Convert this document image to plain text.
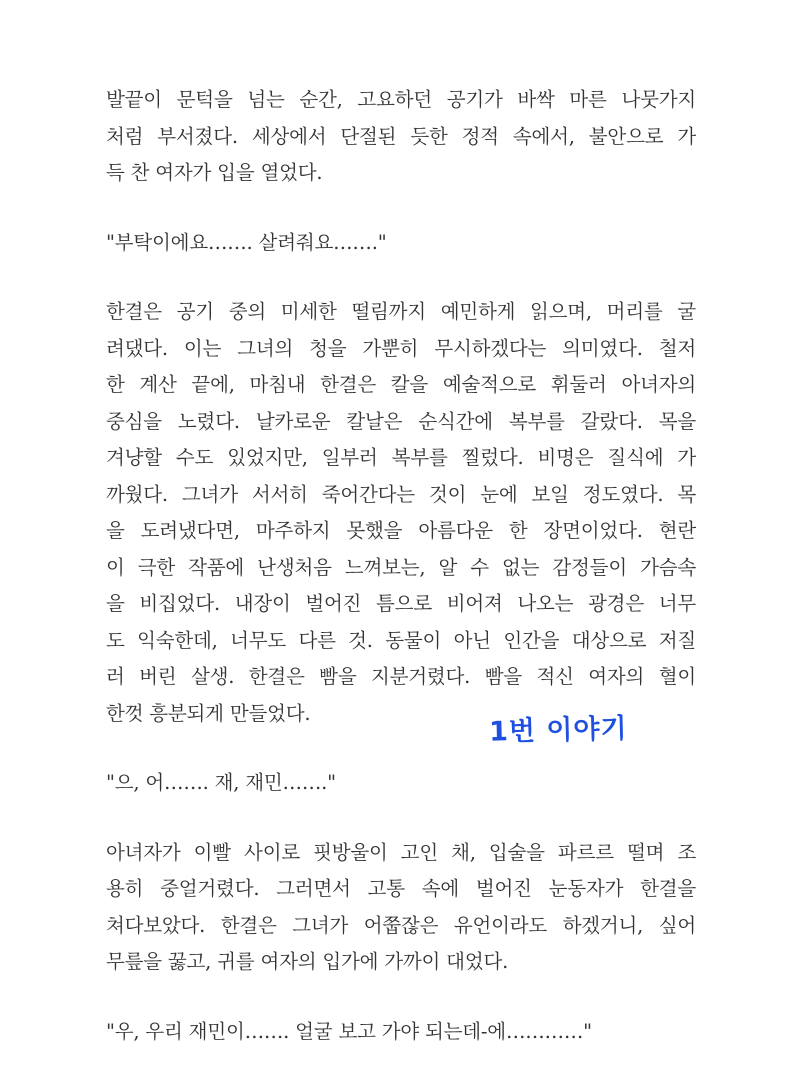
발끝이 문턱을 넘는 순간, 고요하던 공기가 바싹 마른 나뭇가지
처럼 부서졌다. 세상에서 단절된 듯한 정적 속에서, 불안으로 가
득 찬 여자가 입을 열었다.

"부탁이에요……. 살려줘요……."

한결은 공기 중의 미세한 떨림까지 예민하게 읽으며, 머리를 굴
려댔다. 이는 그녀의 청을 가뿐히 무시하겠다는 의미였다. 철저
한 계산 끝에, 마침내 한결은 칼을 예술적으로 휘둘러 아녀자의
중심을 노렸다. 날카로운 칼날은 순식간에 복부를 갈랐다. 목을
겨냥할 수도 있었지만, 일부러 복부를 찔렀다. 비명은 질식에 가
까웠다. 그녀가 서서히 죽어간다는 것이 눈에 보일 정도였다. 목
을 도려냈다면, 마주하지 못했을 아름다운 한 장면이었다. 현란
이 극한 작품에 난생처음 느껴보는, 알 수 없는 감정들이 가슴속
을 비집었다. 내장이 벌어진 틈으로 비어져 나오는 광경은 너무
도 익숙한데, 너무도 다른 것. 동물이 아닌 인간을 대상으로 저질
러 버린 살생. 한결은 빰을 지분거렸다. 빰을 적신 여자의 혈이
한껏 흥분되게 만들었다.

"으, 어……. 재, 재민……."

아녀자가 이빨 사이로 핏방울이 고인 채, 입술을 파르르 떨며 조
용히 중얼거렸다. 그러면서 고통 속에 벌어진 눈동자가 한결을
쳐다보았다. 한결은 그녀가 어쭙잖은 유언이라도 하겠거니, 싶어
무릎을 꿇고, 귀를 여자의 입가에 가까이 대었다.

"우, 우리 재민이……. 얼굴 보고 가야 되는데-에…………"

1번 이야기
